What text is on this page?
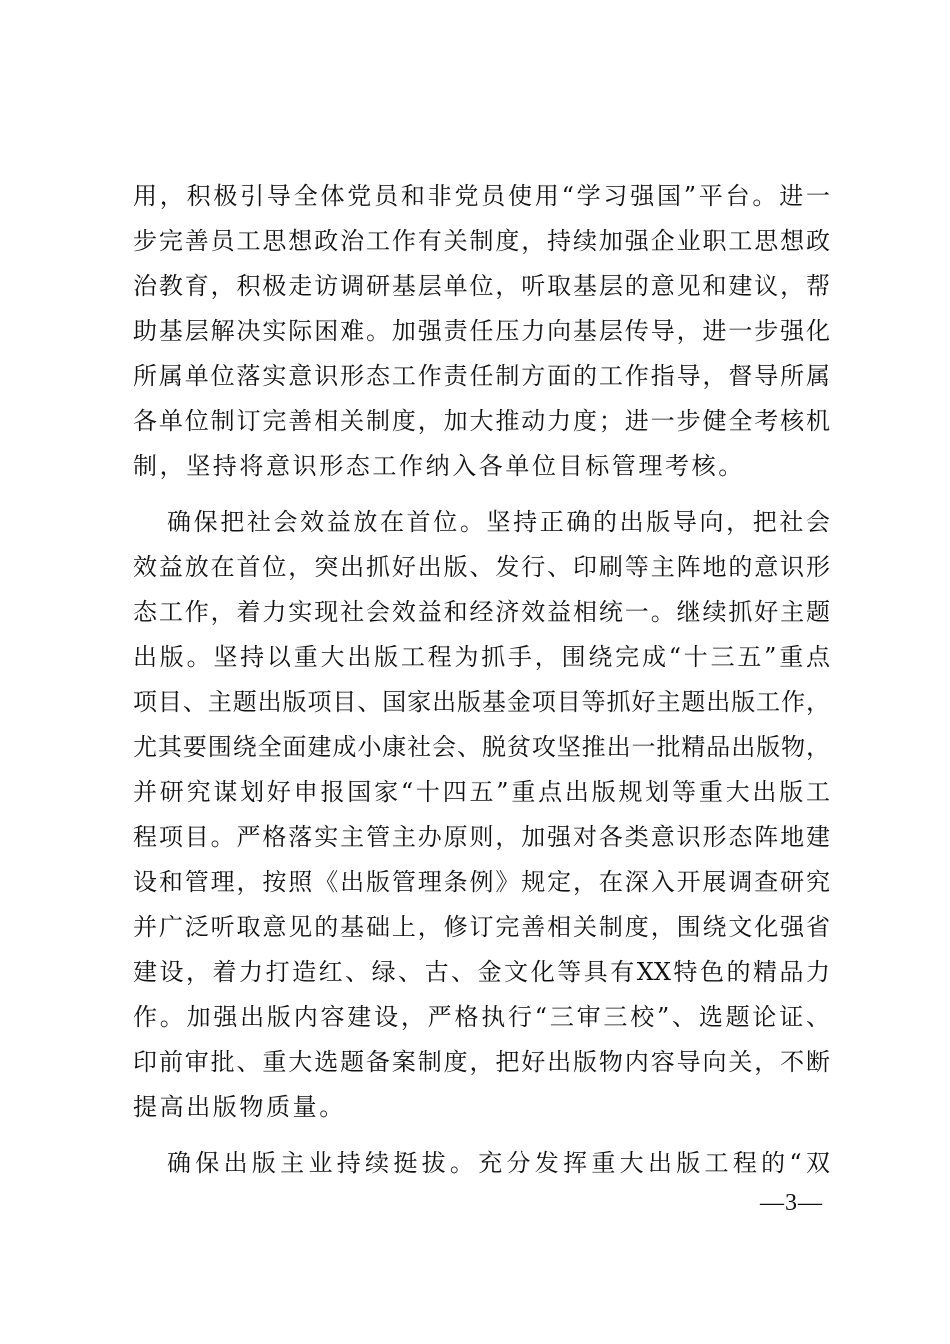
用，积极引导全体党员和非党员使用“学习强国”平台。进一
步完善员工思想政治工作有关制度，持续加强企业职工思想政
治教育，积极走访调研基层单位，听取基层的意见和建议，帮
助基层解决实际困难。加强责任压力向基层传导，进一步强化
所属单位落实意识形态工作责任制方面的工作指导，督导所属
各单位制订完善相关制度，加大推动力度；进一步健全考核机
制，坚持将意识形态工作纳入各单位目标管理考核。
确保把社会效益放在首位。坚持正确的出版导向，把社会
效益放在首位，突出抓好出版、发行、印刷等主阵地的意识形
态工作，着力实现社会效益和经济效益相统一。继续抓好主题
出版。坚持以重大出版工程为抓手，围绕完成“十三五”重点
项目、主题出版项目、国家出版基金项目等抓好主题出版工作，
尤其要围绕全面建成小康社会、脱贫攻坚推出一批精品出版物，
并研究谋划好申报国家“十四五”重点出版规划等重大出版工
程项目。严格落实主管主办原则，加强对各类意识形态阵地建
设和管理，按照《出版管理条例》规定，在深入开展调查研究
并广泛听取意见的基础上，修订完善相关制度，围绕文化强省
建设，着力打造红、绿、古、金文化等具有XX特色的精品力
作。加强出版内容建设，严格执行“三审三校”、选题论证、
印前审批、重大选题备案制度，把好出版物内容导向关，不断
提高出版物质量。
确保出版主业持续挺拔。充分发挥重大出版工程的“双
—3—
